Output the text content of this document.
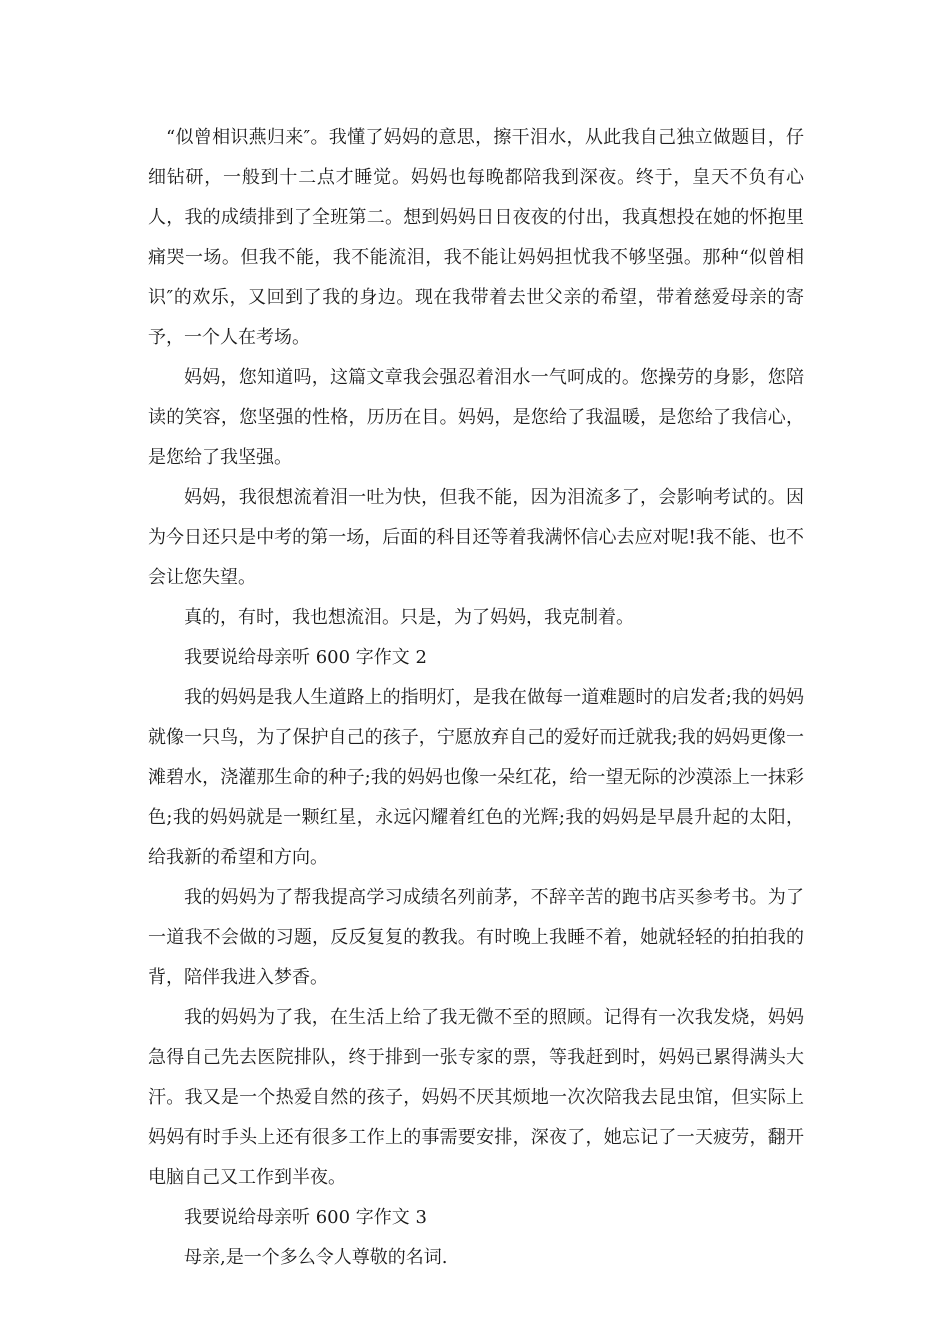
“似曾相识燕归来″。我懂了妈妈的意思，擦干泪水，从此我自己独立做题目，仔细钻研，一般到十二点才睡觉。妈妈也每晚都陪我到深夜。终于，皇天不负有心人，我的成绩排到了全班第二。想到妈妈日日夜夜的付出，我真想投在她的怀抱里痛哭一场。但我不能，我不能流泪，我不能让妈妈担忧我不够坚强。那种“似曾相识″的欢乐，又回到了我的身边。现在我带着去世父亲的希望，带着慈爱母亲的寄予，一个人在考场。

妈妈，您知道吗，这篇文章我会强忍着泪水一气呵成的。您操劳的身影，您陪读的笑容，您坚强的性格，历历在目。妈妈，是您给了我温暖，是您给了我信心，是您给了我坚强。

妈妈，我很想流着泪一吐为快，但我不能，因为泪流多了，会影响考试的。因为今日还只是中考的第一场，后面的科目还等着我满怀信心去应对呢!我不能、也不会让您失望。

真的，有时，我也想流泪。只是，为了妈妈，我克制着。

我要说给母亲听 600 字作文 2

我的妈妈是我人生道路上的指明灯，是我在做每一道难题时的启发者;我的妈妈就像一只鸟，为了保护自己的孩子，宁愿放弃自己的爱好而迁就我;我的妈妈更像一滩碧水，浇灌那生命的种子;我的妈妈也像一朵红花，给一望无际的沙漠添上一抹彩色;我的妈妈就是一颗红星，永远闪耀着红色的光辉;我的妈妈是早晨升起的太阳，给我新的希望和方向。

我的妈妈为了帮我提高学习成绩名列前茅，不辞辛苦的跑书店买参考书。为了一道我不会做的习题，反反复复的教我。有时晚上我睡不着，她就轻轻的拍拍我的背，陪伴我进入梦香。

我的妈妈为了我，在生活上给了我无微不至的照顾。记得有一次我发烧，妈妈急得自己先去医院排队，终于排到一张专家的票，等我赶到时，妈妈已累得满头大汗。我又是一个热爱自然的孩子，妈妈不厌其烦地一次次陪我去昆虫馆，但实际上妈妈有时手头上还有很多工作上的事需要安排，深夜了，她忘记了一天疲劳，翻开电脑自己又工作到半夜。

我要说给母亲听 600 字作文 3

母亲,是一个多么令人尊敬的名词.
